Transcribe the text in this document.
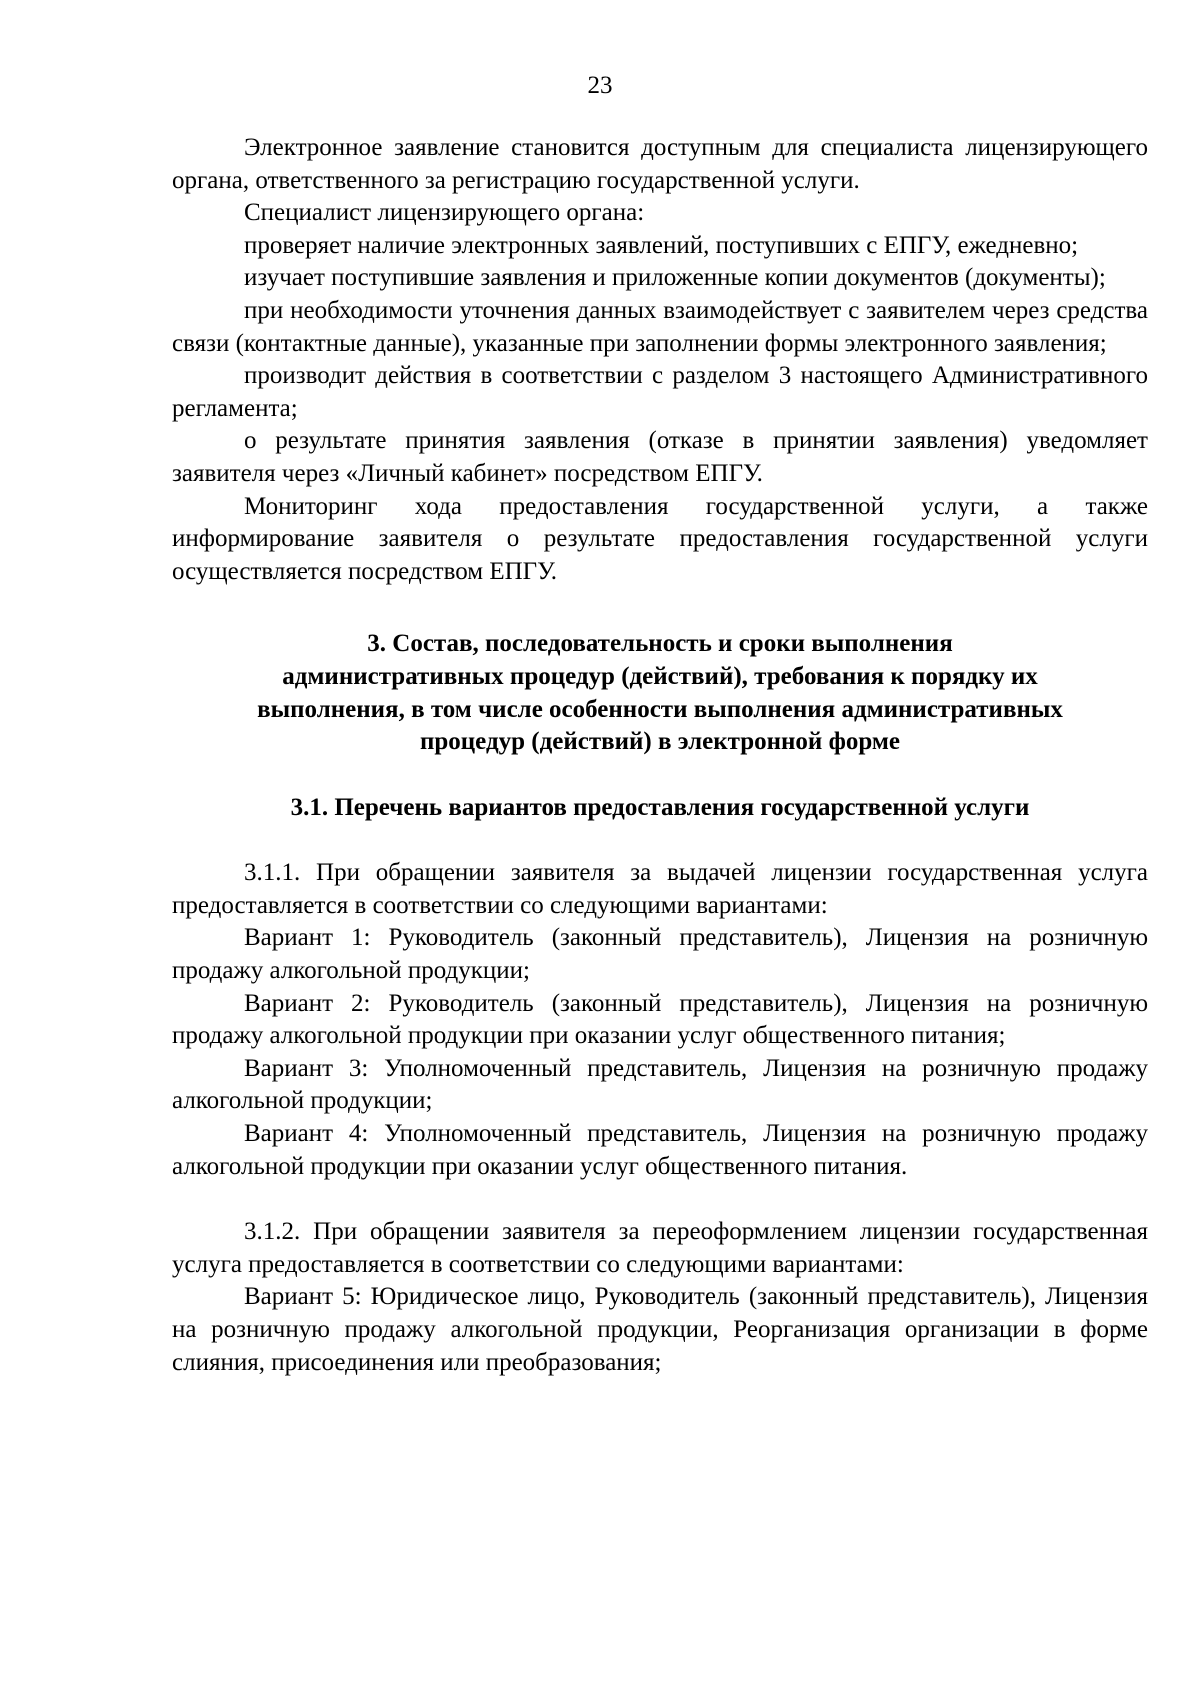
23

Электронное заявление становится доступным для специалиста лицензирующего органа, ответственного за регистрацию государственной услуги.

Специалист лицензирующего органа:

проверяет наличие электронных заявлений, поступивших с ЕПГУ, ежедневно;

изучает поступившие заявления и приложенные копии документов (документы);

при необходимости уточнения данных взаимодействует с заявителем через средства связи (контактные данные), указанные при заполнении формы электронного заявления;

производит действия в соответствии с разделом 3 настоящего Административного регламента;

о результате принятия заявления (отказе в принятии заявления) уведомляет заявителя через «Личный кабинет» посредством ЕПГУ.

Мониторинг хода предоставления государственной услуги, а также информирование заявителя о результате предоставления государственной услуги осуществляется посредством ЕПГУ.

3. Состав, последовательность и сроки выполнения
административных процедур (действий), требования к порядку их
выполнения, в том числе особенности выполнения административных
процедур (действий) в электронной форме
3.1. Перечень вариантов предоставления государственной услуги

3.1.1. При обращении заявителя за выдачей лицензии государственная услуга предоставляется в соответствии со следующими вариантами:

Вариант 1: Руководитель (законный представитель), Лицензия на розничную продажу алкогольной продукции;

Вариант 2: Руководитель (законный представитель), Лицензия на розничную продажу алкогольной продукции при оказании услуг общественного питания;

Вариант 3: Уполномоченный представитель, Лицензия на розничную продажу алкогольной продукции;

Вариант 4: Уполномоченный представитель, Лицензия на розничную продажу алкогольной продукции при оказании услуг общественного питания.

3.1.2. При обращении заявителя за переоформлением лицензии государственная услуга предоставляется в соответствии со следующими вариантами:

Вариант 5: Юридическое лицо, Руководитель (законный представитель), Лицензия на розничную продажу алкогольной продукции, Реорганизация организации в форме слияния, присоединения или преобразования;
